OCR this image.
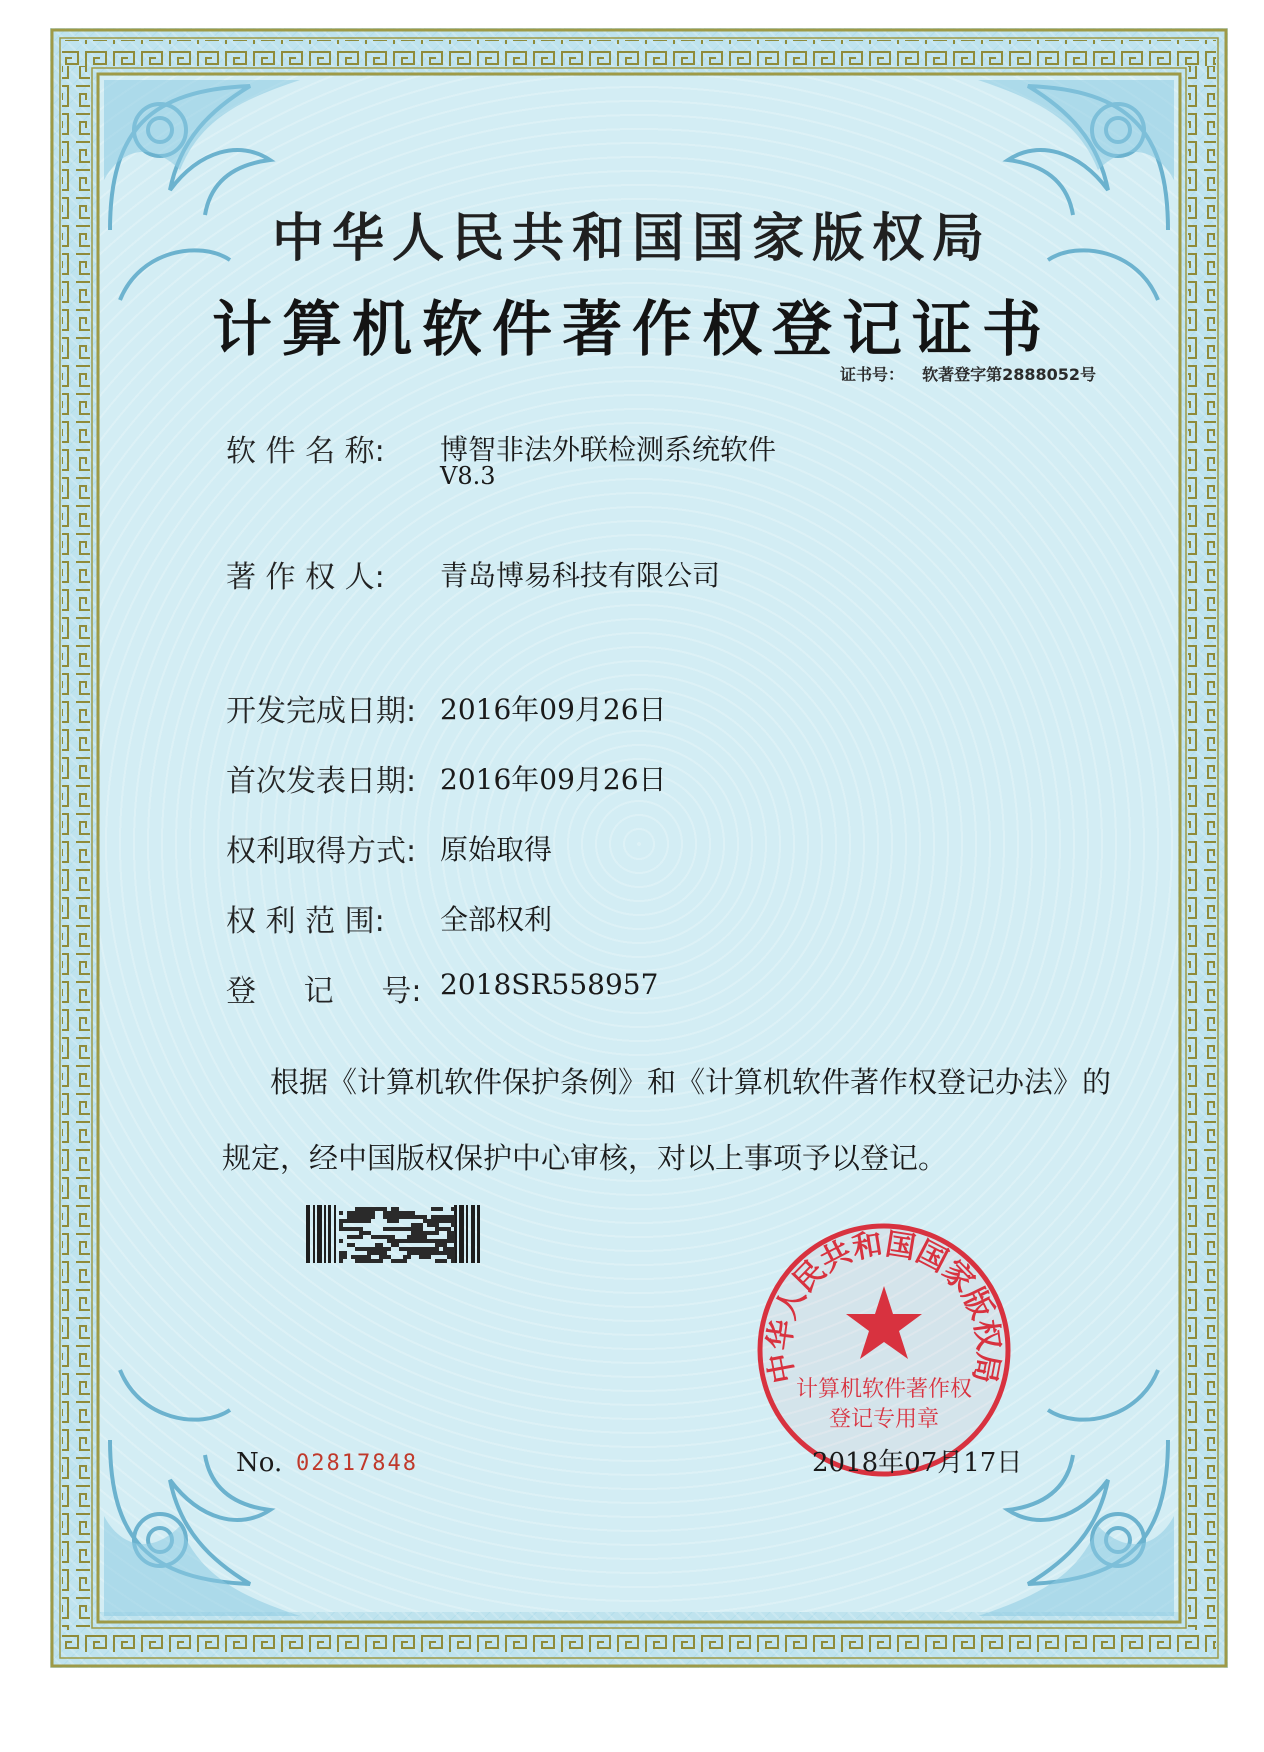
中华人民共和国国家版权局

计算机软件著作权登记证书

证书号： 软著登字第2888052号

软 件 名 称: 博智非法外联检测系统软件

V8.3

著 作 权 人: 青岛博易科技有限公司

开发完成日期: 2016年09月26日

首次发表日期: 2016年09月26日

权利取得方式: 原始取得

权 利 范 围: 全部权利

登     记     号: 2018SR558957

根据《计算机软件保护条例》和《计算机软件著作权登记办法》的

规定，经中国版权保护中心审核，对以上事项予以登记。

中华人民共和国国家版权局
计算机软件著作权
登记专用章

No. 02817848	2018年07月17日
